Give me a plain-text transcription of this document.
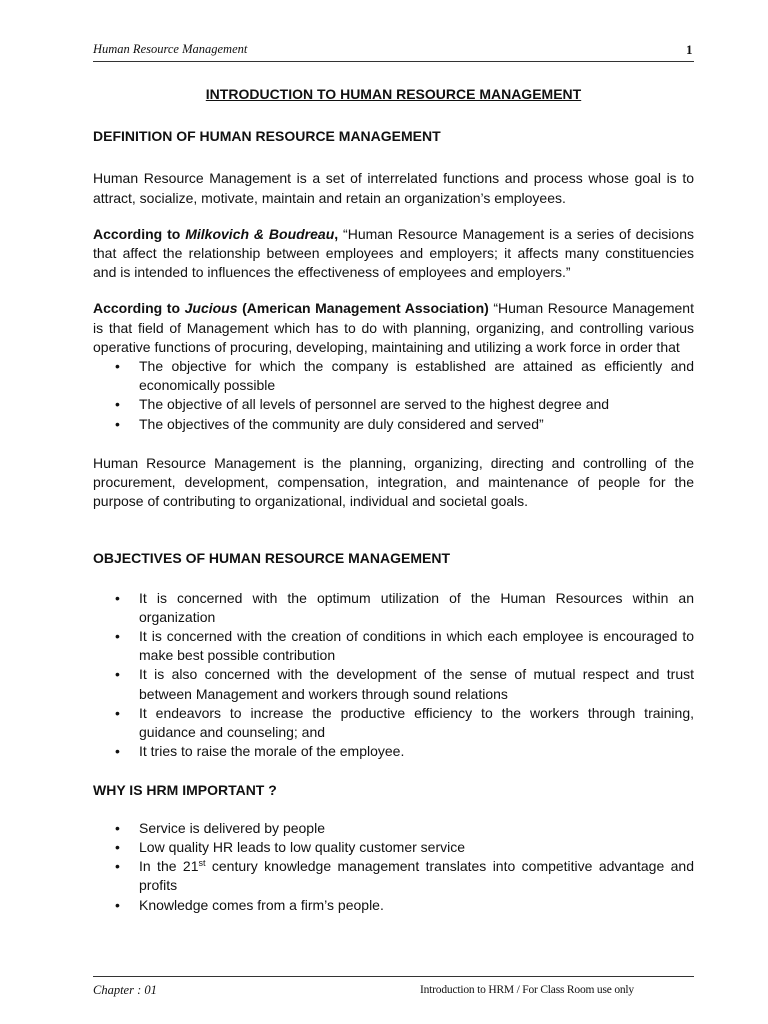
Human Resource Management	1

INTRODUCTION TO HUMAN RESOURCE MANAGEMENT

DEFINITION OF HUMAN RESOURCE MANAGEMENT

Human Resource Management is a set of interrelated functions and process whose goal is to attract, socialize, motivate, maintain and retain an organization’s employees.

According to Milkovich & Boudreau, “Human Resource Management is a series of decisions that affect the relationship between employees and employers; it affects many constituencies and is intended to influences the effectiveness of employees and employers.”

According to Jucious (American Management Association) “Human Resource Management is that field of Management which has to do with planning, organizing, and controlling various operative functions of procuring, developing, maintaining and utilizing a work force in order that

• The objective for which the company is established are attained as efficiently and economically possible
• The objective of all levels of personnel are served to the highest degree and
• The objectives of the community are duly considered and served”

Human Resource Management is the planning, organizing, directing and controlling of the procurement, development, compensation, integration, and maintenance of people for the purpose of contributing to organizational, individual and societal goals.

OBJECTIVES OF HUMAN RESOURCE MANAGEMENT

• It is concerned with the optimum utilization of the Human Resources within an organization
• It is concerned with the creation of conditions in which each employee is encouraged to make best possible contribution
• It is also concerned with the development of the sense of mutual respect and trust between Management and workers through sound relations
• It endeavors to increase the productive efficiency to the workers through training, guidance and counseling; and
• It tries to raise the morale of the employee.

WHY IS HRM IMPORTANT ?

• Service is delivered by people
• Low quality HR leads to low quality customer service
• In the 21st century knowledge management translates into competitive advantage and profits
• Knowledge comes from a firm’s people.
Chapter : 01	Introduction to HRM / For Class Room use only
